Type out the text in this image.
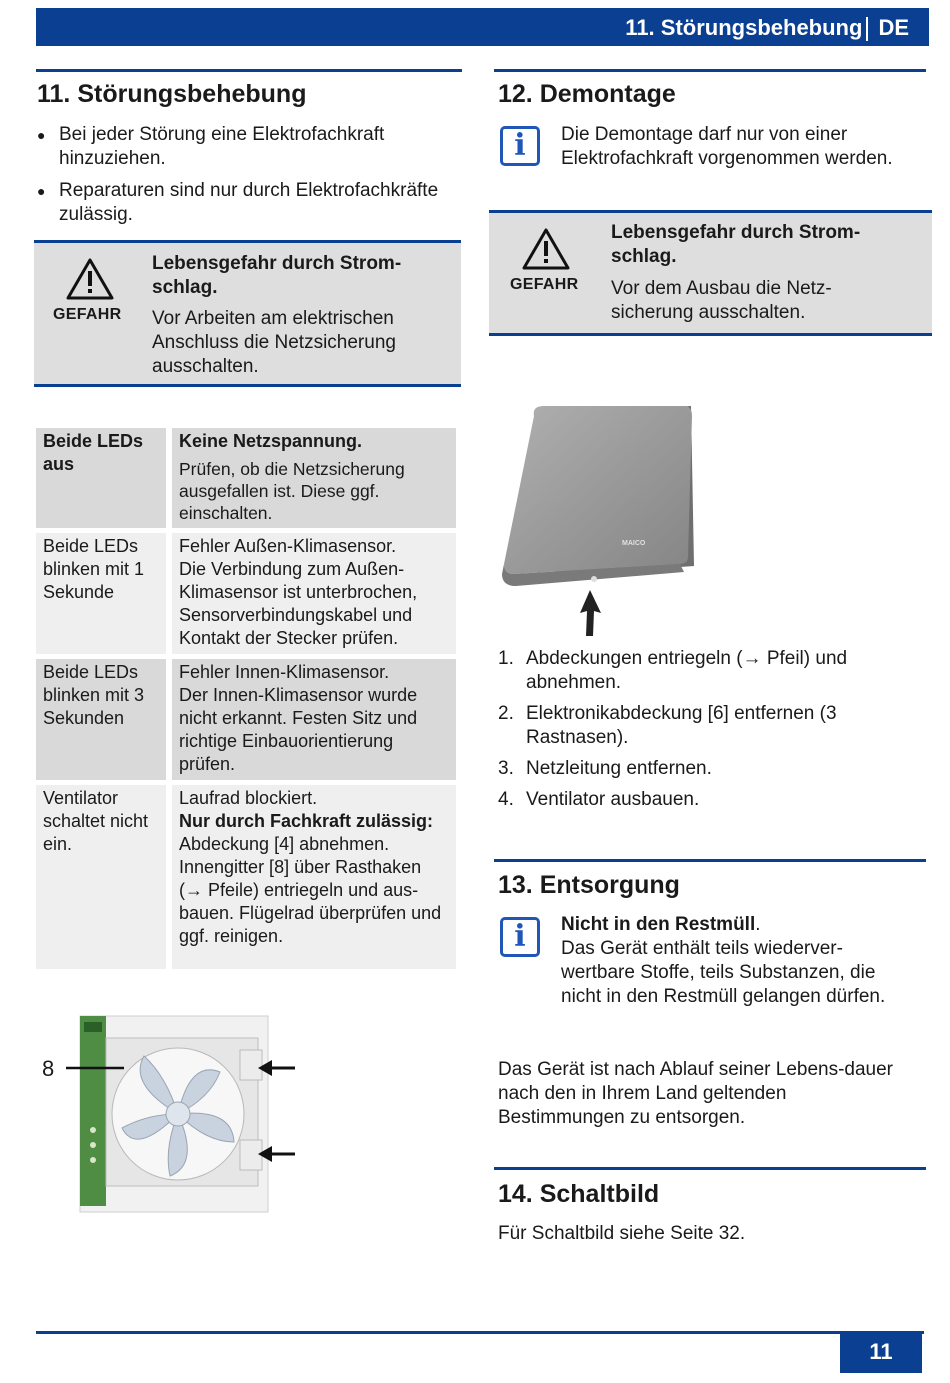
11. Störungsbehebung DE
11. Störungsbehebung
● Bei jeder Störung eine Elektrofachkraft hinzuziehen.
● Reparaturen sind nur durch Elektrofachkräfte zulässig.
GEFAHR
Lebensgefahr durch Strom-schlag.
Vor Arbeiten am elektrischen Anschluss die Netzsicherung ausschalten.
12. Demontage
i	Die Demontage darf nur von einer Elektrofachkraft vorgenommen werden.
GEFAHR
Lebensgefahr durch Strom-schlag.
Vor dem Ausbau die Netz-sicherung ausschalten.
Beide LEDs aus	Keine Netzspannung.
Prüfen, ob die Netzsicherung ausgefallen ist. Diese ggf. einschalten.

Beide LEDs blinken mit 1 Sekunde	Fehler Außen-Klimasensor.
Die Verbindung zum Außen-Klimasensor ist unterbrochen, Sensorverbindungskabel und Kontakt der Stecker prüfen.

Beide LEDs blinken mit 3 Sekunden	Fehler Innen-Klimasensor.
Der Innen-Klimasensor wurde nicht erkannt. Festen Sitz und richtige Einbauorientierung prüfen.

Ventilator schaltet nicht ein.	Laufrad blockiert.
Nur durch Fachkraft zulässig: Abdeckung [4] abnehmen. Innengitter [8] über Rasthaken (→ Pfeile) entriegeln und aus-bauen. Flügelrad überprüfen und ggf. reinigen.
MAICO
1. Abdeckungen entriegeln (→ Pfeil) und abnehmen.
2. Elektronikabdeckung [6] entfernen (3 Rastnasen).
3. Netzleitung entfernen.
4. Ventilator ausbauen.
8
13. Entsorgung
i	Nicht in den Restmüll.
Das Gerät enthält teils wiederver-wertbare Stoffe, teils Substanzen, die nicht in den Restmüll gelangen dürfen.
Das Gerät ist nach Ablauf seiner Lebens-dauer nach den in Ihrem Land geltenden Bestimmungen zu entsorgen.
14. Schaltbild
Für Schaltbild siehe Seite 32.
11
